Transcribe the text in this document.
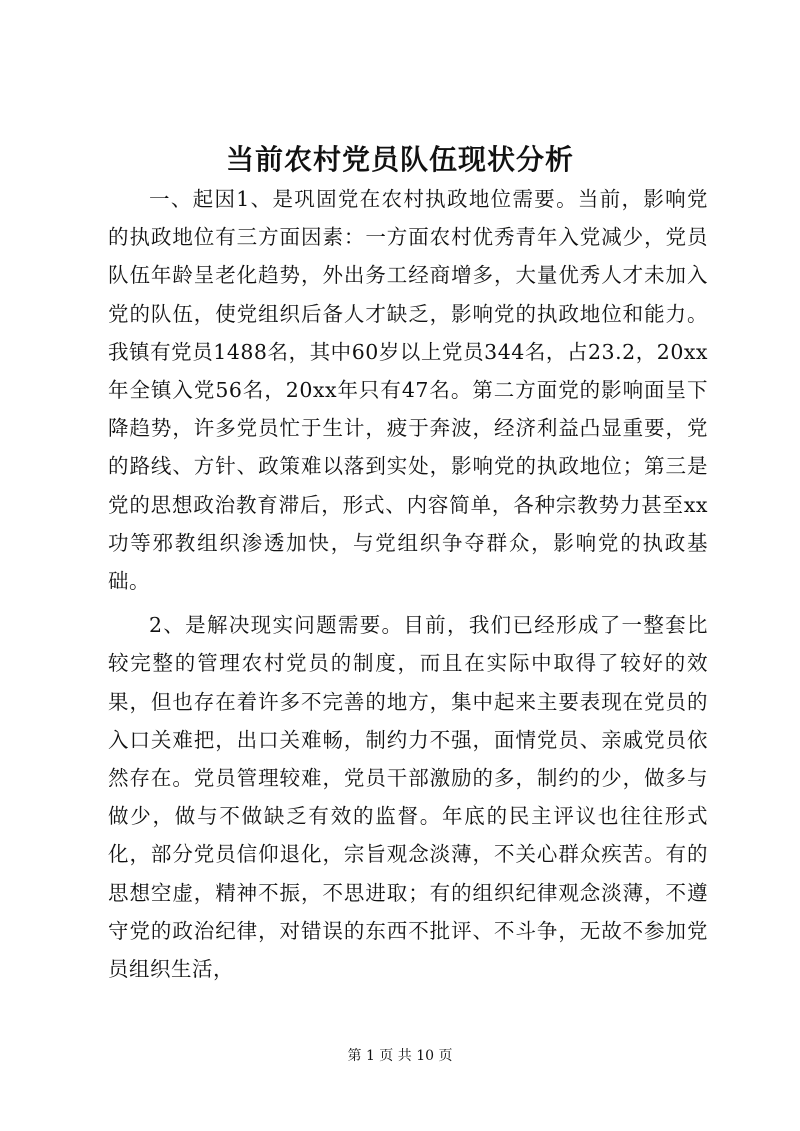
当前农村党员队伍现状分析

一、起因1、是巩固党在农村执政地位需要。当前，影响党的执政地位有三方面因素：一方面农村优秀青年入党减少，党员队伍年龄呈老化趋势，外出务工经商增多，大量优秀人才未加入党的队伍，使党组织后备人才缺乏，影响党的执政地位和能力。我镇有党员1488名，其中60岁以上党员344名，占23.2，20xx年全镇入党56名，20xx年只有47名。第二方面党的影响面呈下降趋势，许多党员忙于生计，疲于奔波，经济利益凸显重要，党的路线、方针、政策难以落到实处，影响党的执政地位；第三是党的思想政治教育滞后，形式、内容简单，各种宗教势力甚至xx功等邪教组织渗透加快，与党组织争夺群众，影响党的执政基础。

2、是解决现实问题需要。目前，我们已经形成了一整套比较完整的管理农村党员的制度，而且在实际中取得了较好的效果，但也存在着许多不完善的地方，集中起来主要表现在党员的入口关难把，出口关难畅，制约力不强，面情党员、亲戚党员依然存在。党员管理较难，党员干部激励的多，制约的少，做多与做少，做与不做缺乏有效的监督。年底的民主评议也往往形式化，部分党员信仰退化，宗旨观念淡薄，不关心群众疾苦。有的思想空虚，精神不振，不思进取；有的组织纪律观念淡薄，不遵守党的政治纪律，对错误的东西不批评、不斗争，无故不参加党员组织生活，

第 1 页 共 10 页
